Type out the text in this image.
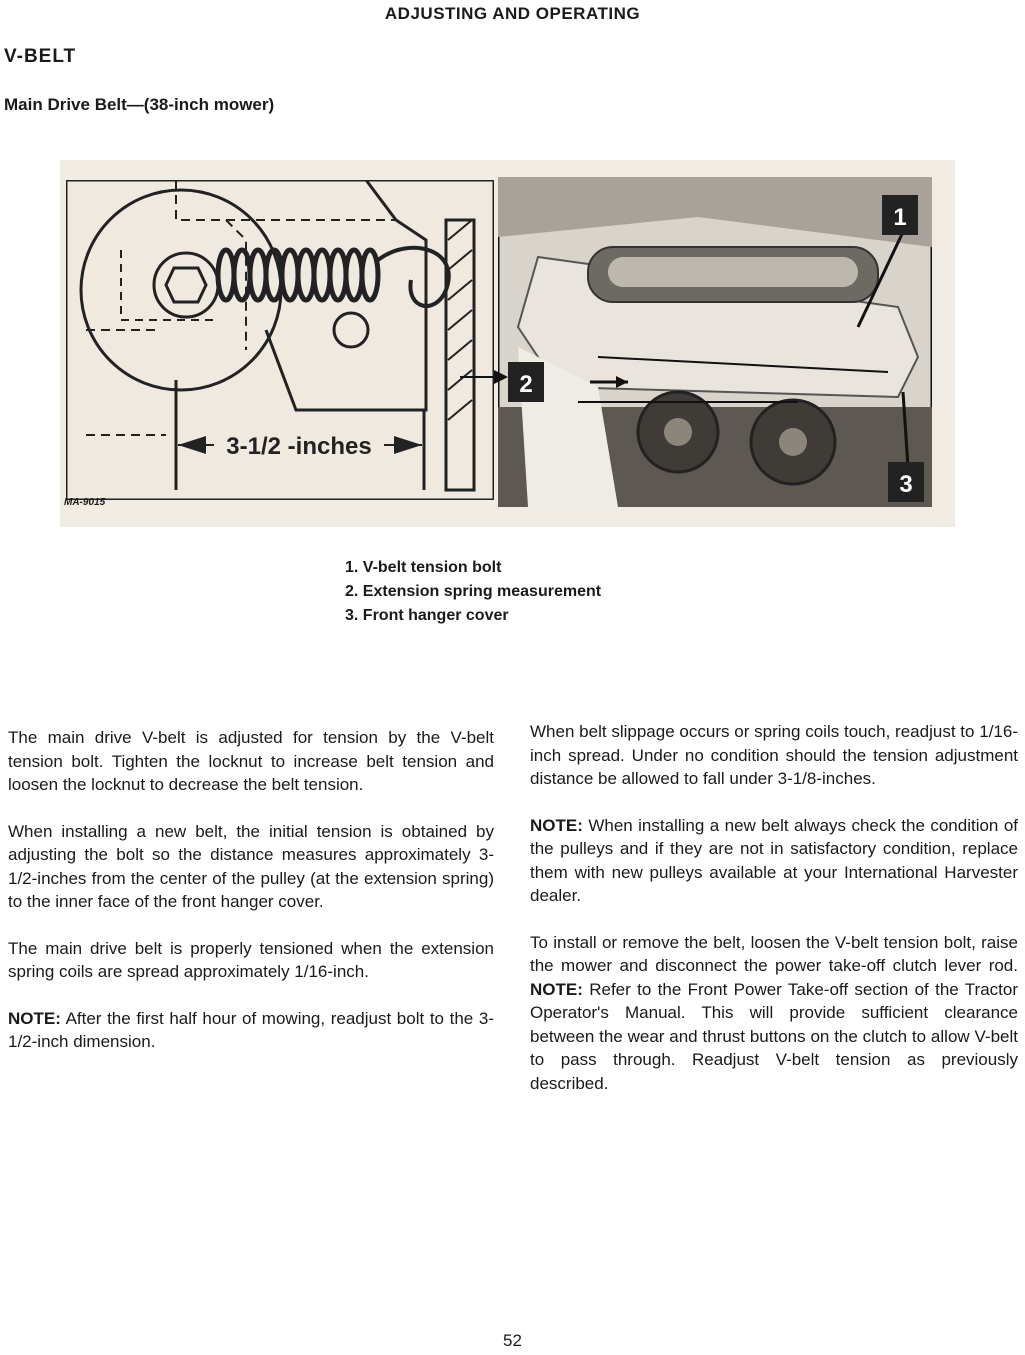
ADJUSTING AND OPERATING
V-BELT
Main Drive Belt—(38-inch mower)
3-1/2 -inches
MA-9015
1
2
3
1. V-belt tension bolt
2. Extension spring measurement
3. Front hanger cover

The main drive V-belt is adjusted for tension by the V-belt tension bolt. Tighten the locknut to increase belt tension and loosen the locknut to decrease the belt tension.

When installing a new belt, the initial tension is obtained by adjusting the bolt so the distance measures approximately 3-1/2-inches from the center of the pulley (at the extension spring) to the inner face of the front hanger cover.

The main drive belt is properly tensioned when the extension spring coils are spread approximately 1/16-inch.

NOTE: After the first half hour of mowing, readjust bolt to the 3-1/2-inch dimension.

When belt slippage occurs or spring coils touch, readjust to 1/16-inch spread. Under no condition should the tension adjustment distance be allowed to fall under 3-1/8-inches.

NOTE: When installing a new belt always check the condition of the pulleys and if they are not in satisfactory condition, replace them with new pulleys available at your International Harvester dealer.

To install or remove the belt, loosen the V-belt tension bolt, raise the mower and disconnect the power take-off clutch lever rod. NOTE: Refer to the Front Power Take-off section of the Tractor Operator's Manual. This will provide sufficient clearance between the wear and thrust buttons on the clutch to allow V-belt to pass through. Readjust V-belt tension as previously described.

52
